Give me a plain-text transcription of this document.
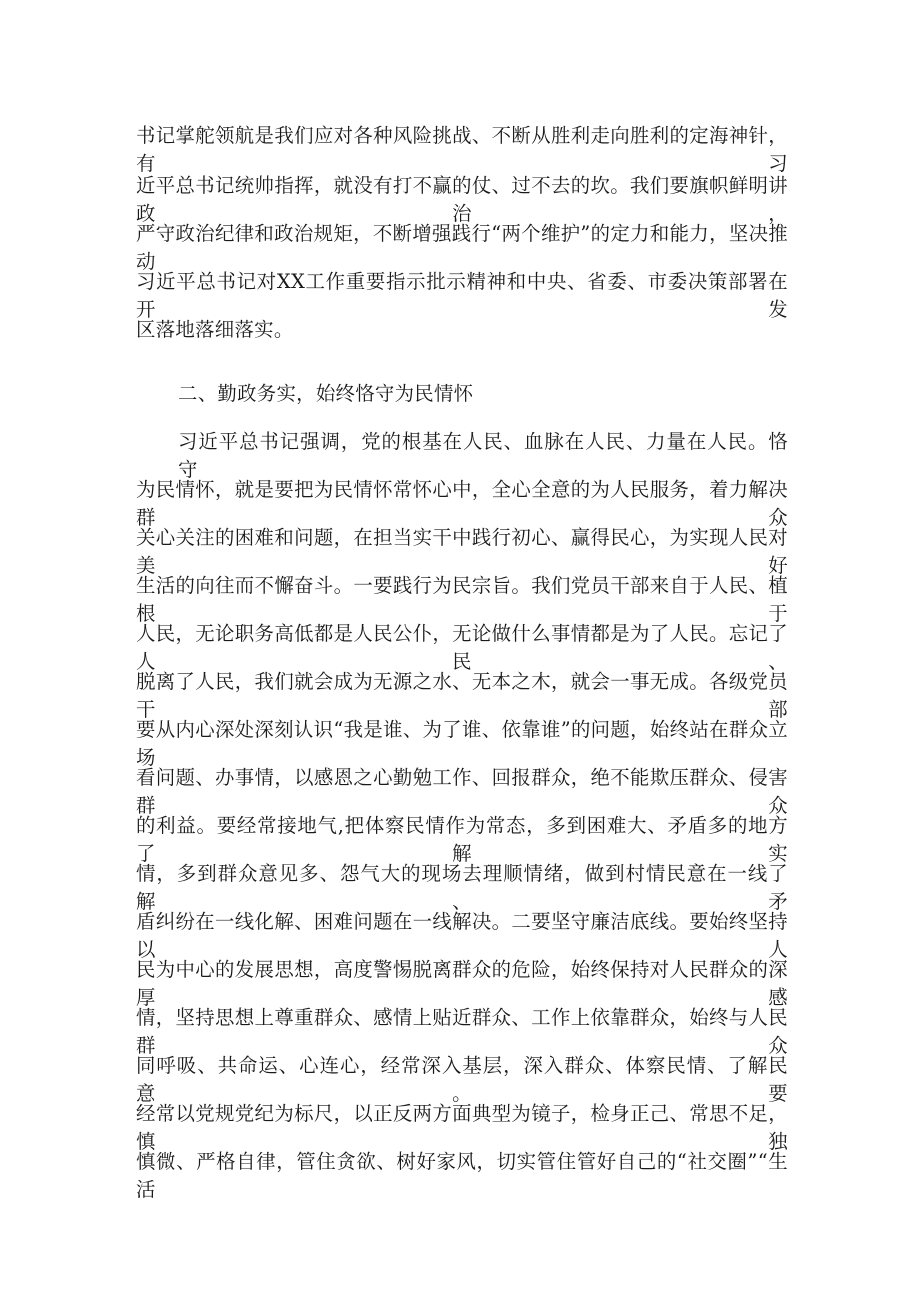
书记掌舵领航是我们应对各种风险挑战、不断从胜利走向胜利的定海神针，有习
近平总书记统帅指挥，就没有打不赢的仗、过不去的坎。我们要旗帜鲜明讲政治，
严守政治纪律和政治规矩，不断增强践行“两个维护”的定力和能力，坚决推动
习近平总书记对XX工作重要指示批示精神和中央、省委、市委决策部署在开发
区落地落细落实。
二、勤政务实，始终恪守为民情怀
习近平总书记强调，党的根基在人民、血脉在人民、力量在人民。恪守
为民情怀，就是要把为民情怀常怀心中，全心全意的为人民服务，着力解决群众
关心关注的困难和问题，在担当实干中践行初心、赢得民心，为实现人民对美好
生活的向往而不懈奋斗。一要践行为民宗旨。我们党员干部来自于人民、植根于
人民，无论职务高低都是人民公仆，无论做什么事情都是为了人民。忘记了人民、
脱离了人民，我们就会成为无源之水、无本之木，就会一事无成。各级党员干部
要从内心深处深刻认识“我是谁、为了谁、依靠谁”的问题，始终站在群众立场
看问题、办事情，以感恩之心勤勉工作、回报群众，绝不能欺压群众、侵害群众
的利益。要经常接地气,把体察民情作为常态，多到困难大、矛盾多的地方了解实
情，多到群众意见多、怨气大的现场去理顺情绪，做到村情民意在一线了解、矛
盾纠纷在一线化解、困难问题在一线解决。二要坚守廉洁底线。要始终坚持以人
民为中心的发展思想，高度警惕脱离群众的危险，始终保持对人民群众的深厚感
情，坚持思想上尊重群众、感情上贴近群众、工作上依靠群众，始终与人民群众
同呼吸、共命运、心连心，经常深入基层，深入群众、体察民情、了解民意。要
经常以党规党纪为标尺，以正反两方面典型为镜子，检身正己、常思不足，慎独
慎微、严格自律，管住贪欲、树好家风，切实管住管好自己的“社交圈”“生活
